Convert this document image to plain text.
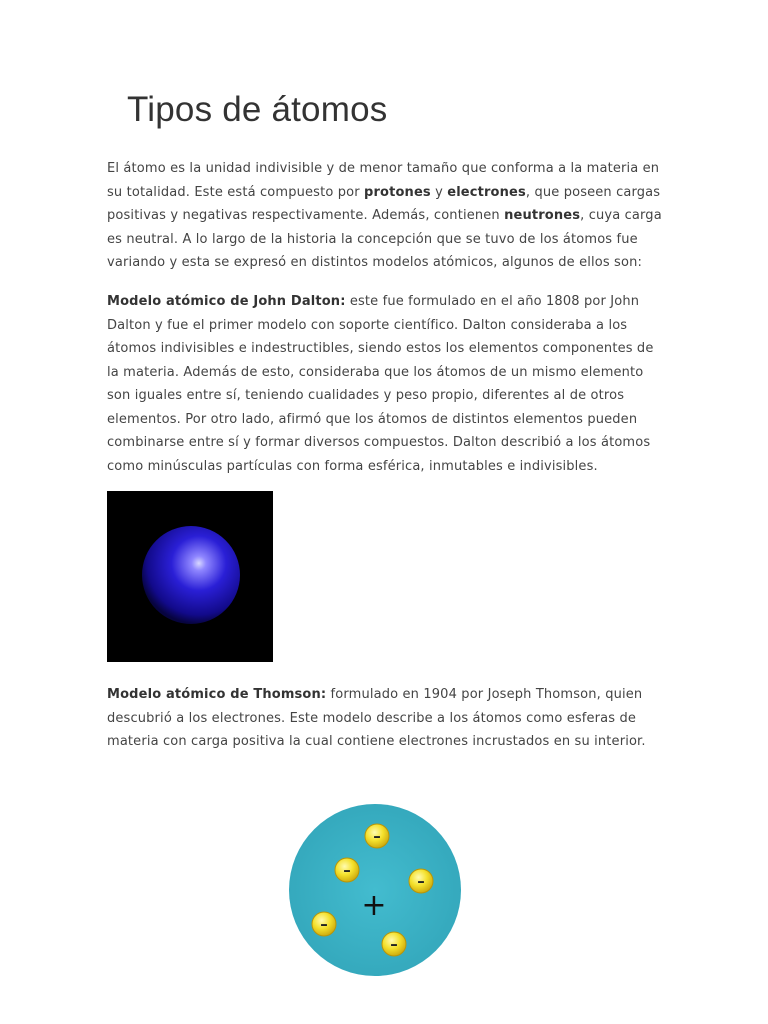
Tipos de átomos

El átomo es la unidad indivisible y de menor tamaño que conforma a la materia en su totalidad. Este está compuesto por protones y electrones, que poseen cargas positivas y negativas respectivamente. Además, contienen neutrones, cuya carga es neutral. A lo largo de la historia la concepción que se tuvo de los átomos fue variando y esta se expresó en distintos modelos atómicos, algunos de ellos son:

Modelo atómico de John Dalton: este fue formulado en el año 1808 por John Dalton y fue el primer modelo con soporte científico. Dalton consideraba a los átomos indivisibles e indestructibles, siendo estos los elementos componentes de la materia. Además de esto, consideraba que los átomos de un mismo elemento son iguales entre sí, teniendo cualidades y peso propio, diferentes al de otros elementos. Por otro lado, afirmó que los átomos de distintos elementos pueden combinarse entre sí y formar diversos compuestos. Dalton describió a los átomos como minúsculas partículas con forma esférica, inmutables e indivisibles.

Modelo atómico de Thomson: formulado en 1904 por Joseph Thomson, quien descubrió a los electrones. Este modelo describe a los átomos como esferas de materia con carga positiva la cual contiene electrones incrustados en su interior.

+
–
–
–
–
–
